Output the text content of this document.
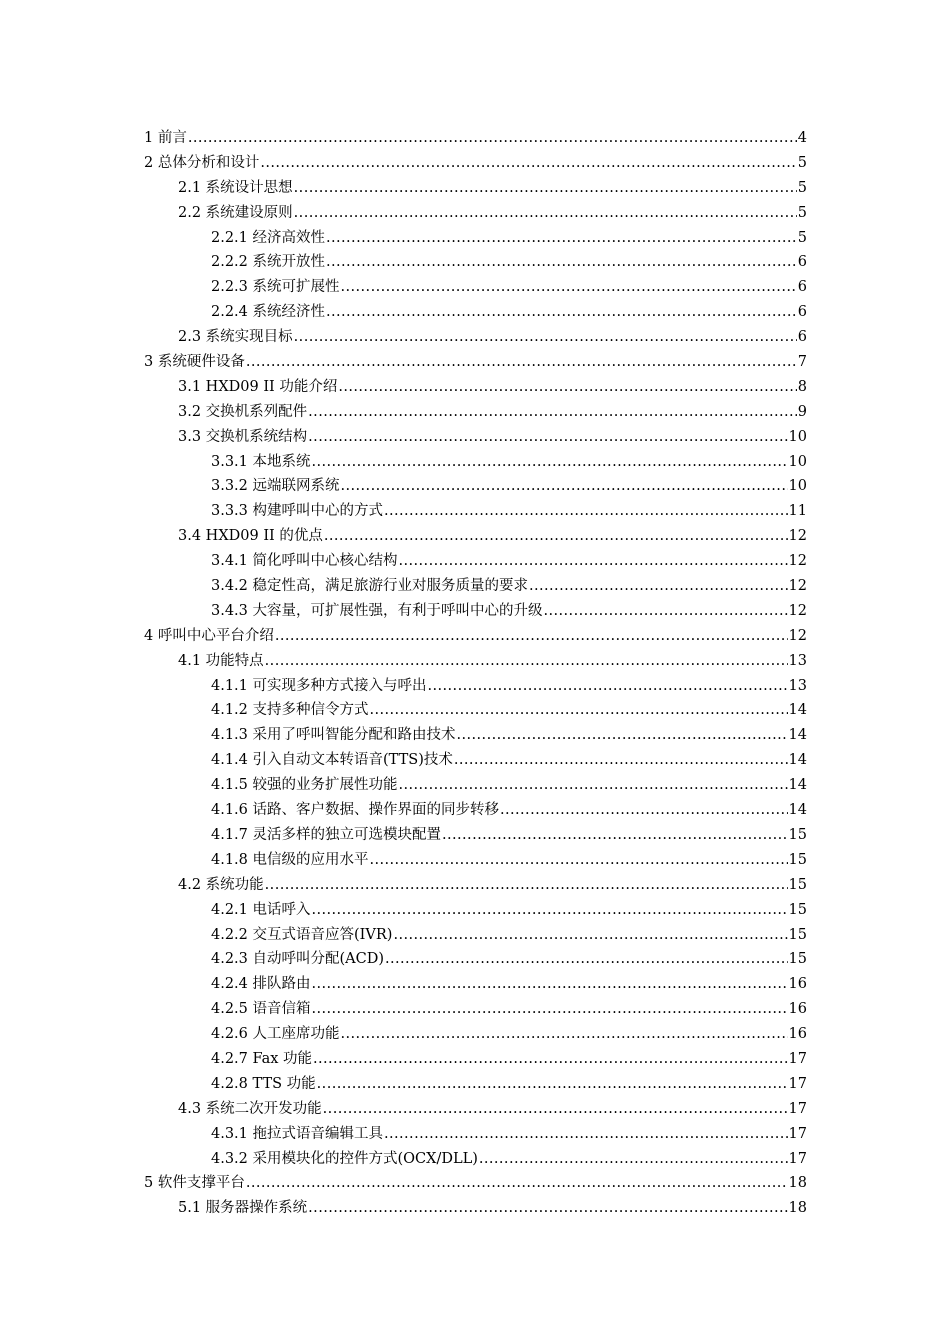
1 前言 .....	4
2 总体分析和设计 .....	5
2.1 系统设计思想 .....	5
2.2 系统建设原则 .....	5
2.2.1 经济高效性 .....	5
2.2.2 系统开放性 .....	6
2.2.3 系统可扩展性 .....	6
2.2.4 系统经济性 .....	6
2.3 系统实现目标 .....	6
3 系统硬件设备 .....	7
3.1 HXD09 II 功能介绍 .....	8
3.2 交换机系列配件 .....	9
3.3 交换机系统结构 .....	10
3.3.1 本地系统 .....	10
3.3.2 远端联网系统 .....	10
3.3.3 构建呼叫中心的方式 .....	11
3.4 HXD09 II 的优点 .....	12
3.4.1 简化呼叫中心核心结构 .....	12
3.4.2 稳定性高，满足旅游行业对服务质量的要求 .....	12
3.4.3 大容量，可扩展性强，有利于呼叫中心的升级 .....	12
4 呼叫中心平台介绍 .....	12
4.1 功能特点 .....	13
4.1.1 可实现多种方式接入与呼出 .....	13
4.1.2 支持多种信令方式 .....	14
4.1.3 采用了呼叫智能分配和路由技术 .....	14
4.1.4 引入自动文本转语音(TTS)技术 .....	14
4.1.5 较强的业务扩展性功能 .....	14
4.1.6 话路、客户数据、操作界面的同步转移 .....	14
4.1.7 灵活多样的独立可选模块配置 .....	15
4.1.8 电信级的应用水平 .....	15
4.2 系统功能 .....	15
4.2.1 电话呼入 .....	15
4.2.2 交互式语音应答(IVR) .....	15
4.2.3 自动呼叫分配(ACD) .....	15
4.2.4 排队路由 .....	16
4.2.5 语音信箱 .....	16
4.2.6 人工座席功能 .....	16
4.2.7 Fax 功能 .....	17
4.2.8 TTS 功能 .....	17
4.3 系统二次开发功能 .....	17
4.3.1 拖拉式语音编辑工具 .....	17
4.3.2 采用模块化的控件方式(OCX/DLL) .....	17
5 软件支撑平台 .....	18
5.1 服务器操作系统 .....	18
